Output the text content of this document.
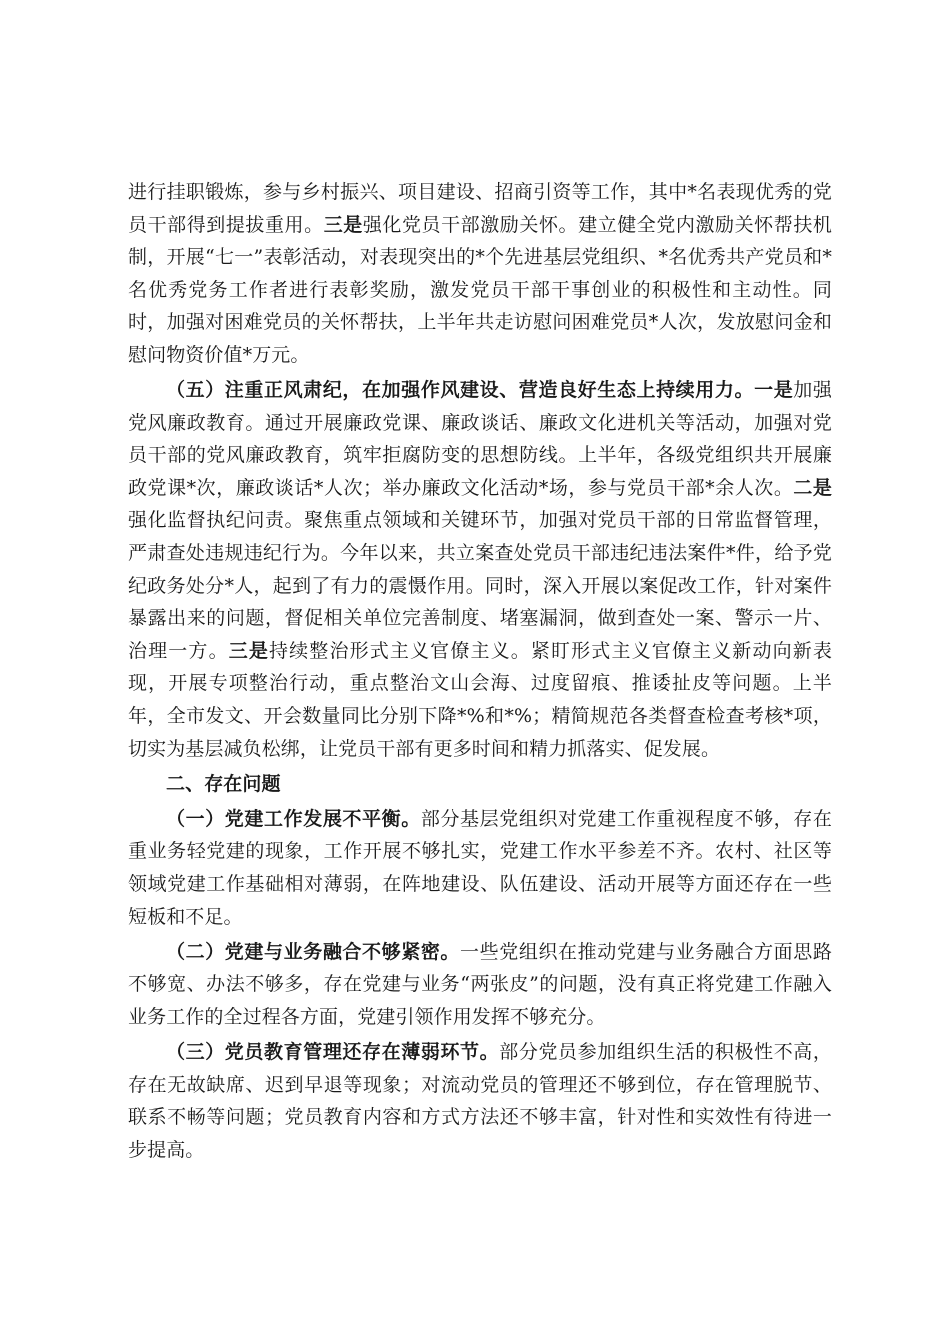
进行挂职锻炼，参与乡村振兴、项目建设、招商引资等工作，其中*名表现优秀的党员干部得到提拔重用。三是强化党员干部激励关怀。建立健全党内激励关怀帮扶机制，开展“七一”表彰活动，对表现突出的*个先进基层党组织、*名优秀共产党员和*名优秀党务工作者进行表彰奖励，激发党员干部干事创业的积极性和主动性。同时，加强对困难党员的关怀帮扶，上半年共走访慰问困难党员*人次，发放慰问金和慰问物资价值*万元。

（五）注重正风肃纪，在加强作风建设、营造良好生态上持续用力。一是加强党风廉政教育。通过开展廉政党课、廉政谈话、廉政文化进机关等活动，加强对党员干部的党风廉政教育，筑牢拒腐防变的思想防线。上半年，各级党组织共开展廉政党课*次，廉政谈话*人次；举办廉政文化活动*场，参与党员干部*余人次。二是强化监督执纪问责。聚焦重点领域和关键环节，加强对党员干部的日常监督管理，严肃查处违规违纪行为。今年以来，共立案查处党员干部违纪违法案件*件，给予党纪政务处分*人，起到了有力的震慑作用。同时，深入开展以案促改工作，针对案件暴露出来的问题，督促相关单位完善制度、堵塞漏洞，做到查处一案、警示一片、治理一方。三是持续整治形式主义官僚主义。紧盯形式主义官僚主义新动向新表现，开展专项整治行动，重点整治文山会海、过度留痕、推诿扯皮等问题。上半年，全市发文、开会数量同比分别下降*%和*%；精简规范各类督查检查考核*项，切实为基层减负松绑，让党员干部有更多时间和精力抓落实、促发展。

二、存在问题

（一）党建工作发展不平衡。部分基层党组织对党建工作重视程度不够，存在重业务轻党建的现象，工作开展不够扎实，党建工作水平参差不齐。农村、社区等领域党建工作基础相对薄弱，在阵地建设、队伍建设、活动开展等方面还存在一些短板和不足。

（二）党建与业务融合不够紧密。一些党组织在推动党建与业务融合方面思路不够宽、办法不够多，存在党建与业务“两张皮”的问题，没有真正将党建工作融入业务工作的全过程各方面，党建引领作用发挥不够充分。

（三）党员教育管理还存在薄弱环节。部分党员参加组织生活的积极性不高，存在无故缺席、迟到早退等现象；对流动党员的管理还不够到位，存在管理脱节、联系不畅等问题；党员教育内容和方式方法还不够丰富，针对性和实效性有待进一步提高。
